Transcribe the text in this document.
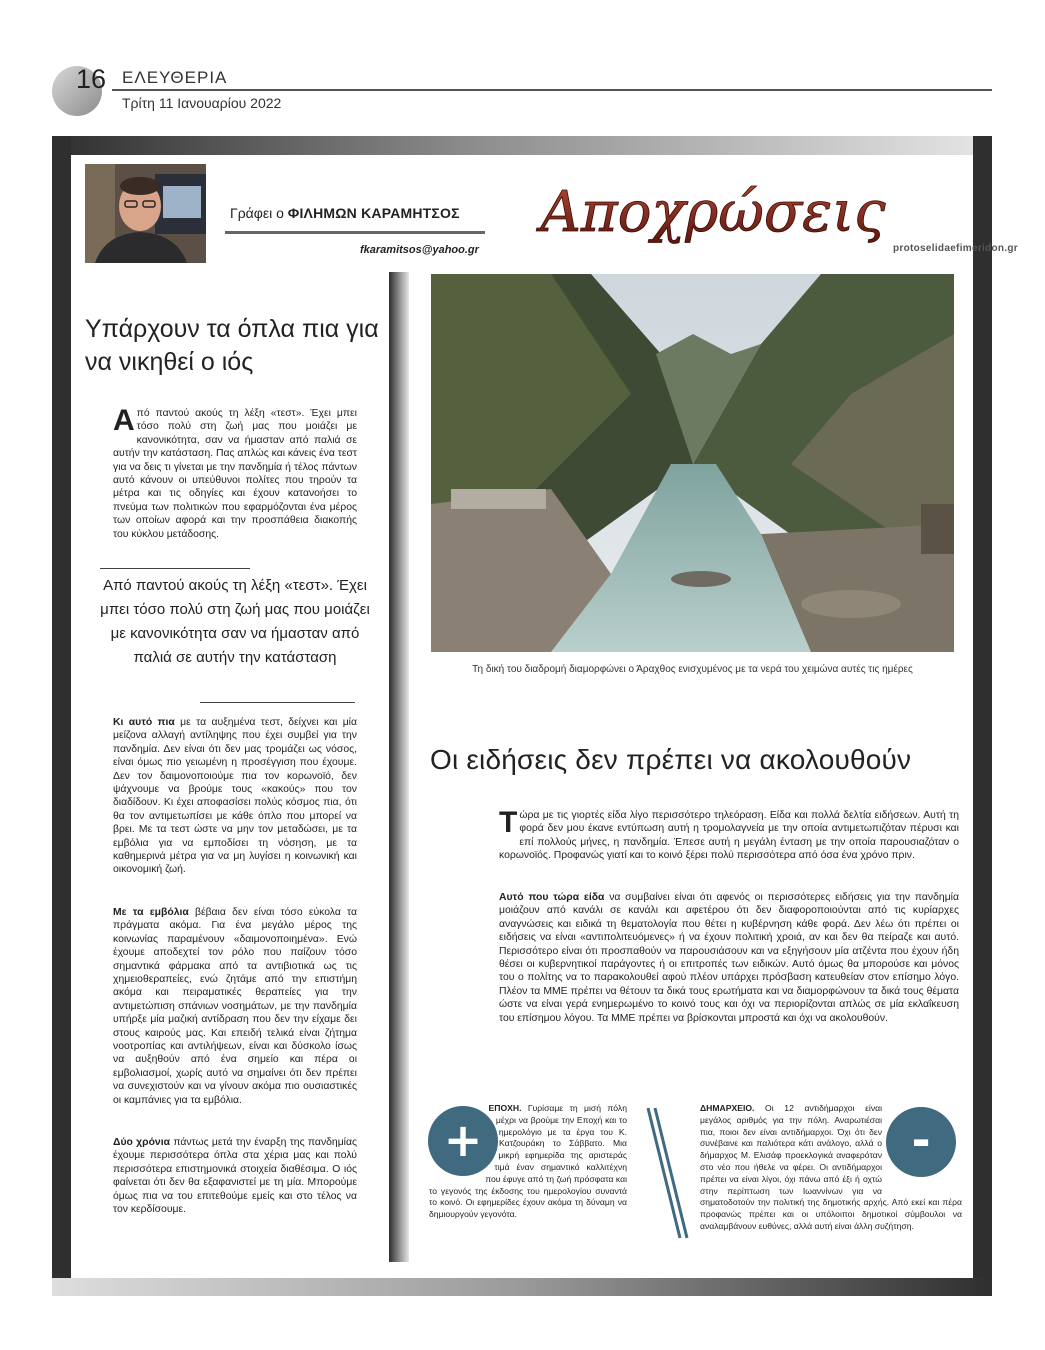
16 ΕΛΕΥΘΕΡΙΑ
Τρίτη 11 Ιανουαρίου 2022
Γράφει ο ΦΙΛΗΜΩΝ ΚΑΡΑΜΗΤΣΟΣ
fkaramitsos@yahoo.gr
Αποχρώσεις
protoselidaefimeridon.gr
Υπάρχουν τα όπλα πια για να νικηθεί ο ιός

Από παντού ακούς τη λέξη «τεστ». Έχει μπει τόσο πολύ στη ζωή μας που μοιάζει με κανονικότητα, σαν να ήμασταν από παλιά σε αυτήν την κατάσταση. Πας απλώς και κάνεις ένα τεστ για να δεις τι γίνεται με την πανδημία ή τέλος πάντων αυτό κάνουν οι υπεύθυνοι πολίτες που τηρούν τα μέτρα και τις οδηγίες και έχουν κατανοήσει το πνεύμα των πολιτικών που εφαρμόζονται ένα μέρος των οποίων αφορά και την προσπάθεια διακοπής του κύκλου μετάδοσης.

Από παντού ακούς τη λέξη «τεστ». Έχει μπει τόσο πολύ στη ζωή μας που μοιάζει με κανονικότητα σαν να ήμασταν από παλιά σε αυτήν την κατάσταση

Κι αυτό πια με τα αυξημένα τεστ, δείχνει και μία μείζονα αλλαγή αντίληψης που έχει συμβεί για την πανδημία. Δεν είναι ότι δεν μας τρομάζει ως νόσος, είναι όμως πιο γειωμένη η προσέγγιση που έχουμε. Δεν τον δαιμονοποιούμε πια τον κορωνοϊό, δεν ψάχνουμε να βρούμε τους «κακούς» που τον διαδίδουν. Κι έχει αποφασίσει πολύς κόσμος πια, ότι θα τον αντιμετωπίσει με κάθε όπλο που μπορεί να βρει. Με τα τεστ ώστε να μην τον μεταδώσει, με τα εμβόλια για να εμποδίσει τη νόσηση, με τα καθημερινά μέτρα για να μη λυγίσει η κοινωνική και οικονομική ζωή.

Με τα εμβόλια βέβαια δεν είναι τόσο εύκολα τα πράγματα ακόμα. Για ένα μεγάλο μέρος της κοινωνίας παραμένουν «δαιμονοποιημένα». Ενώ έχουμε αποδεχτεί τον ρόλο που παίζουν τόσο σημαντικά φάρμακα από τα αντιβιοτικά ως τις χημειοθεραπείες, ενώ ζητάμε από την επιστήμη ακόμα και πειραματικές θεραπείες για την αντιμετώπιση σπάνιων νοσημάτων, με την πανδημία υπήρξε μία μαζική αντίδραση που δεν την είχαμε δει στους καιρούς μας. Και επειδή τελικά είναι ζήτημα νοοτροπίας και αντιλήψεων, είναι και δύσκολο ίσως να αυξηθούν από ένα σημείο και πέρα οι εμβολιασμοί, χωρίς αυτό να σημαίνει ότι δεν πρέπει να συνεχιστούν και να γίνουν ακόμα πιο ουσιαστικές οι καμπάνιες για τα εμβόλια.

Δύο χρόνια πάντως μετά την έναρξη της πανδημίας έχουμε περισσότερα όπλα στα χέρια μας και πολύ περισσότερα επιστημονικά στοιχεία διαθέσιμα. Ο ιός φαίνεται ότι δεν θα εξαφανιστεί με τη μία. Μπορούμε όμως πια να του επιτεθούμε εμείς και στο τέλος να τον κερδίσουμε.

Τη δική του διαδρομή διαμορφώνει ο Άραχθος ενισχυμένος με τα νερά του χειμώνα αυτές τις ημέρες
Οι ειδήσεις δεν πρέπει να ακολουθούν

Τώρα με τις γιορτές είδα λίγο περισσότερο τηλεόραση. Είδα και πολλά δελτία ειδήσεων. Αυτή τη φορά δεν μου έκανε εντύπωση αυτή η τρομολαγνεία με την οποία αντιμετωπιζόταν πέρυσι και επί πολλούς μήνες, η πανδημία. Έπεσε αυτή η μεγάλη ένταση με την οποία παρουσιαζόταν ο κορωνοϊός. Προφανώς γιατί και το κοινό ξέρει πολύ περισσότερα από όσα ένα χρόνο πριν.

Αυτό που τώρα είδα να συμβαίνει είναι ότι αφενός οι περισσότερες ειδήσεις για την πανδημία μοιάζουν από κανάλι σε κανάλι και αφετέρου ότι δεν διαφοροποιούνται από τις κυρίαρχες αναγνώσεις και ειδικά τη θεματολογία που θέτει η κυβέρνηση κάθε φορά. Δεν λέω ότι πρέπει οι ειδήσεις να είναι «αντιπολιτευόμενες» ή να έχουν πολιτική χροιά, αν και δεν θα πείραζε και αυτό. Περισσότερο είναι ότι προσπαθούν να παρουσιάσουν και να εξηγήσουν μία ατζέντα που έχουν ήδη θέσει οι κυβερνητικοί παράγοντες ή οι επιτροπές των ειδικών. Αυτό όμως θα μπορούσε και μόνος του ο πολίτης να το παρακολουθεί αφού πλέον υπάρχει πρόσβαση κατευθείαν στον επίσημο λόγο. Πλέον τα ΜΜΕ πρέπει να θέτουν τα δικά τους ερωτήματα και να διαμορφώνουν τα δικά τους θέματα ώστε να είναι γερά ενημερωμένο το κοινό τους και όχι να περιορίζονται απλώς σε μία εκλαΐκευση του επίσημου λόγου. Τα ΜΜΕ πρέπει να βρίσκονται μπροστά και όχι να ακολουθούν.

+

ΕΠΟΧΗ. Γυρίσαμε τη μισή πόλη μέχρι να βρούμε την Εποχή και το ημερολόγιο με τα έργα του Κ. Κατζουράκη το Σάββατο. Μια μικρή εφημερίδα της αριστεράς τιμά έναν σημαντικό καλλιτέχνη που έφυγε από τη ζωή πρόσφατα και το γεγονός της έκδοσης του ημερολογίου συναντά το κοινό. Οι εφημερίδες έχουν ακόμα τη δύναμη να δημιουργούν γεγονότα.

-

ΔΗΜΑΡΧΕΙΟ. Οι 12 αντιδήμαρχοι είναι μεγάλος αριθμός για την πόλη. Αναρωτιέσαι πια, ποιοι δεν είναι αντιδήμαρχοι. Όχι ότι δεν συνέβαινε και παλιότερα κάτι ανάλογο, αλλά ο δήμαρχος Μ. Ελισάφ προεκλογικά αναφερόταν στο νέο που ήθελε να φέρει. Οι αντιδήμαρχοι πρέπει να είναι λίγοι, όχι πάνω από έξι ή οχτώ στην περίπτωση των Ιωαννίνων για να σηματοδοτούν την πολιτική της δημοτικής αρχής. Από εκεί και πέρα προφανώς πρέπει και οι υπόλοιποι δημοτικοί σύμβουλοι να αναλαμβάνουν ευθύνες, αλλά αυτή είναι άλλη συζήτηση.
